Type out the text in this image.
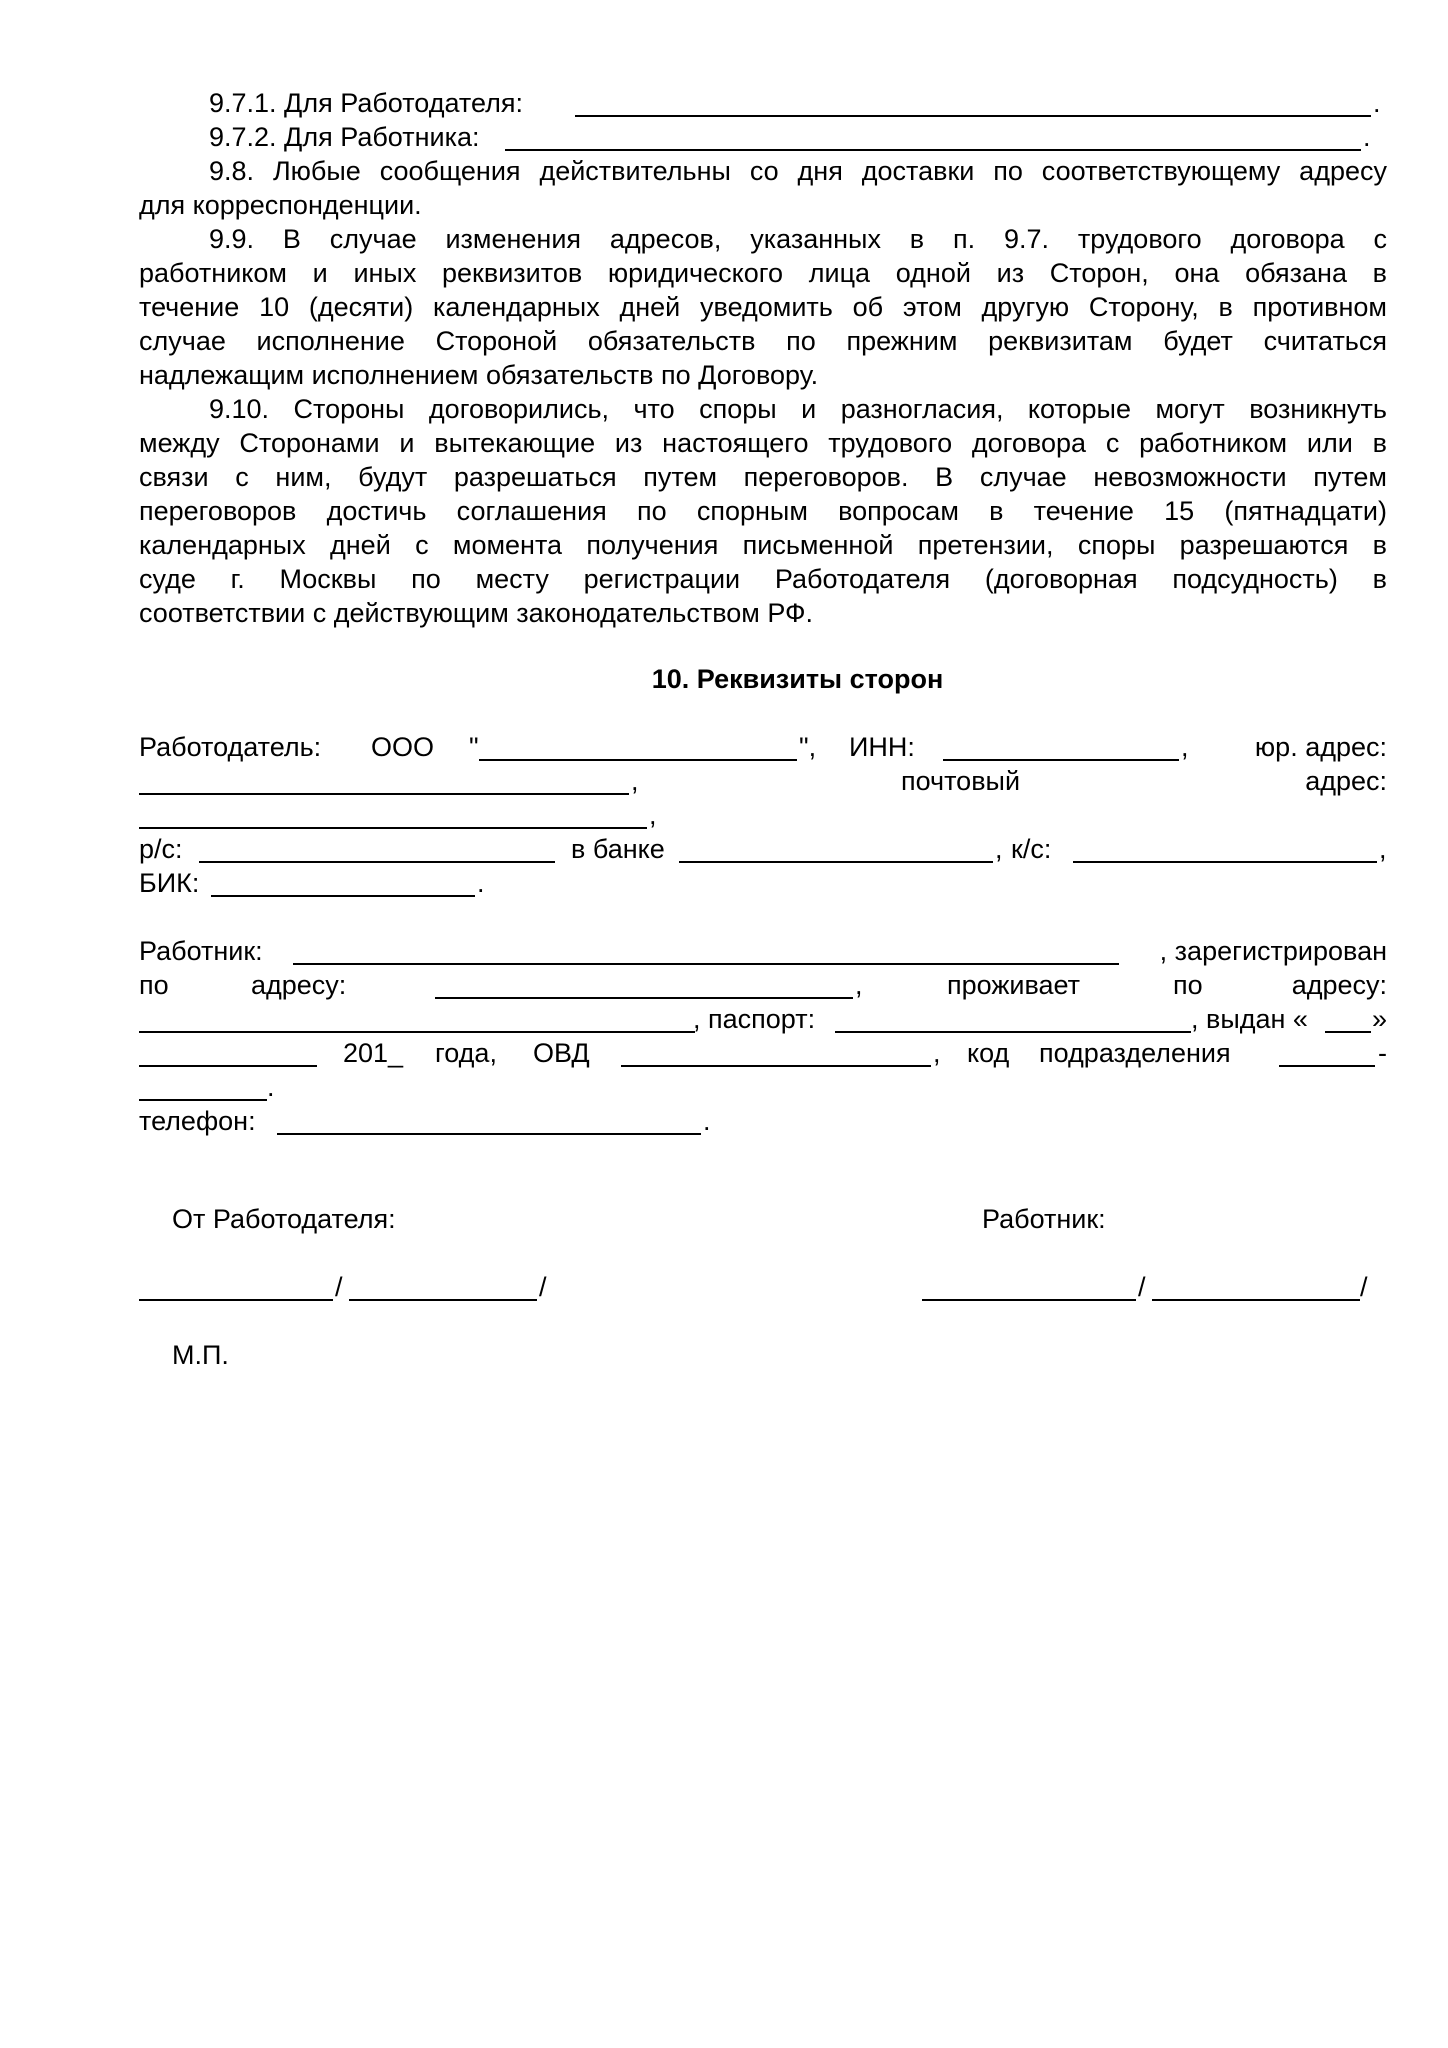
9.7.1. Для Работодателя:	.
9.7.2. Для Работника:	.
9.8. Любые сообщения действительны со дня доставки по соответствующему адресу
для корреспонденции.
9.9. В случае изменения адресов, указанных в п. 9.7. трудового договора с
работником и иных реквизитов юридического лица одной из Сторон, она обязана в
течение 10 (десяти) календарных дней уведомить об этом другую Сторону, в противном
случае исполнение Стороной обязательств по прежним реквизитам будет считаться
надлежащим исполнением обязательств по Договору.
9.10. Стороны договорились, что споры и разногласия, которые могут возникнуть
между Сторонами и вытекающие из настоящего трудового договора с работником или в
связи с ним, будут разрешаться путем переговоров. В случае невозможности путем
переговоров достичь соглашения по спорным вопросам в течение 15 (пятнадцати)
календарных дней с момента получения письменной претензии, споры разрешаются в
суде г. Москвы по месту регистрации Работодателя (договорная подсудность) в
соответствии с действующим законодательством РФ.
10. Реквизиты сторон
Работодатель: ООО "	", ИНН:	, юр. адрес:
,	почтовый	адрес:
,
р/с:	в банке	, к/с:	,
БИК:	.
Работник:	, зарегистрирован
по	адресу:	,	проживает	по	адресу:
, паспорт:	, выдан « »
201_ года, ОВД	, код подразделения	-
.
телефон:	.
От Работодателя:	Работник:
/	/	/	/
М.П.
